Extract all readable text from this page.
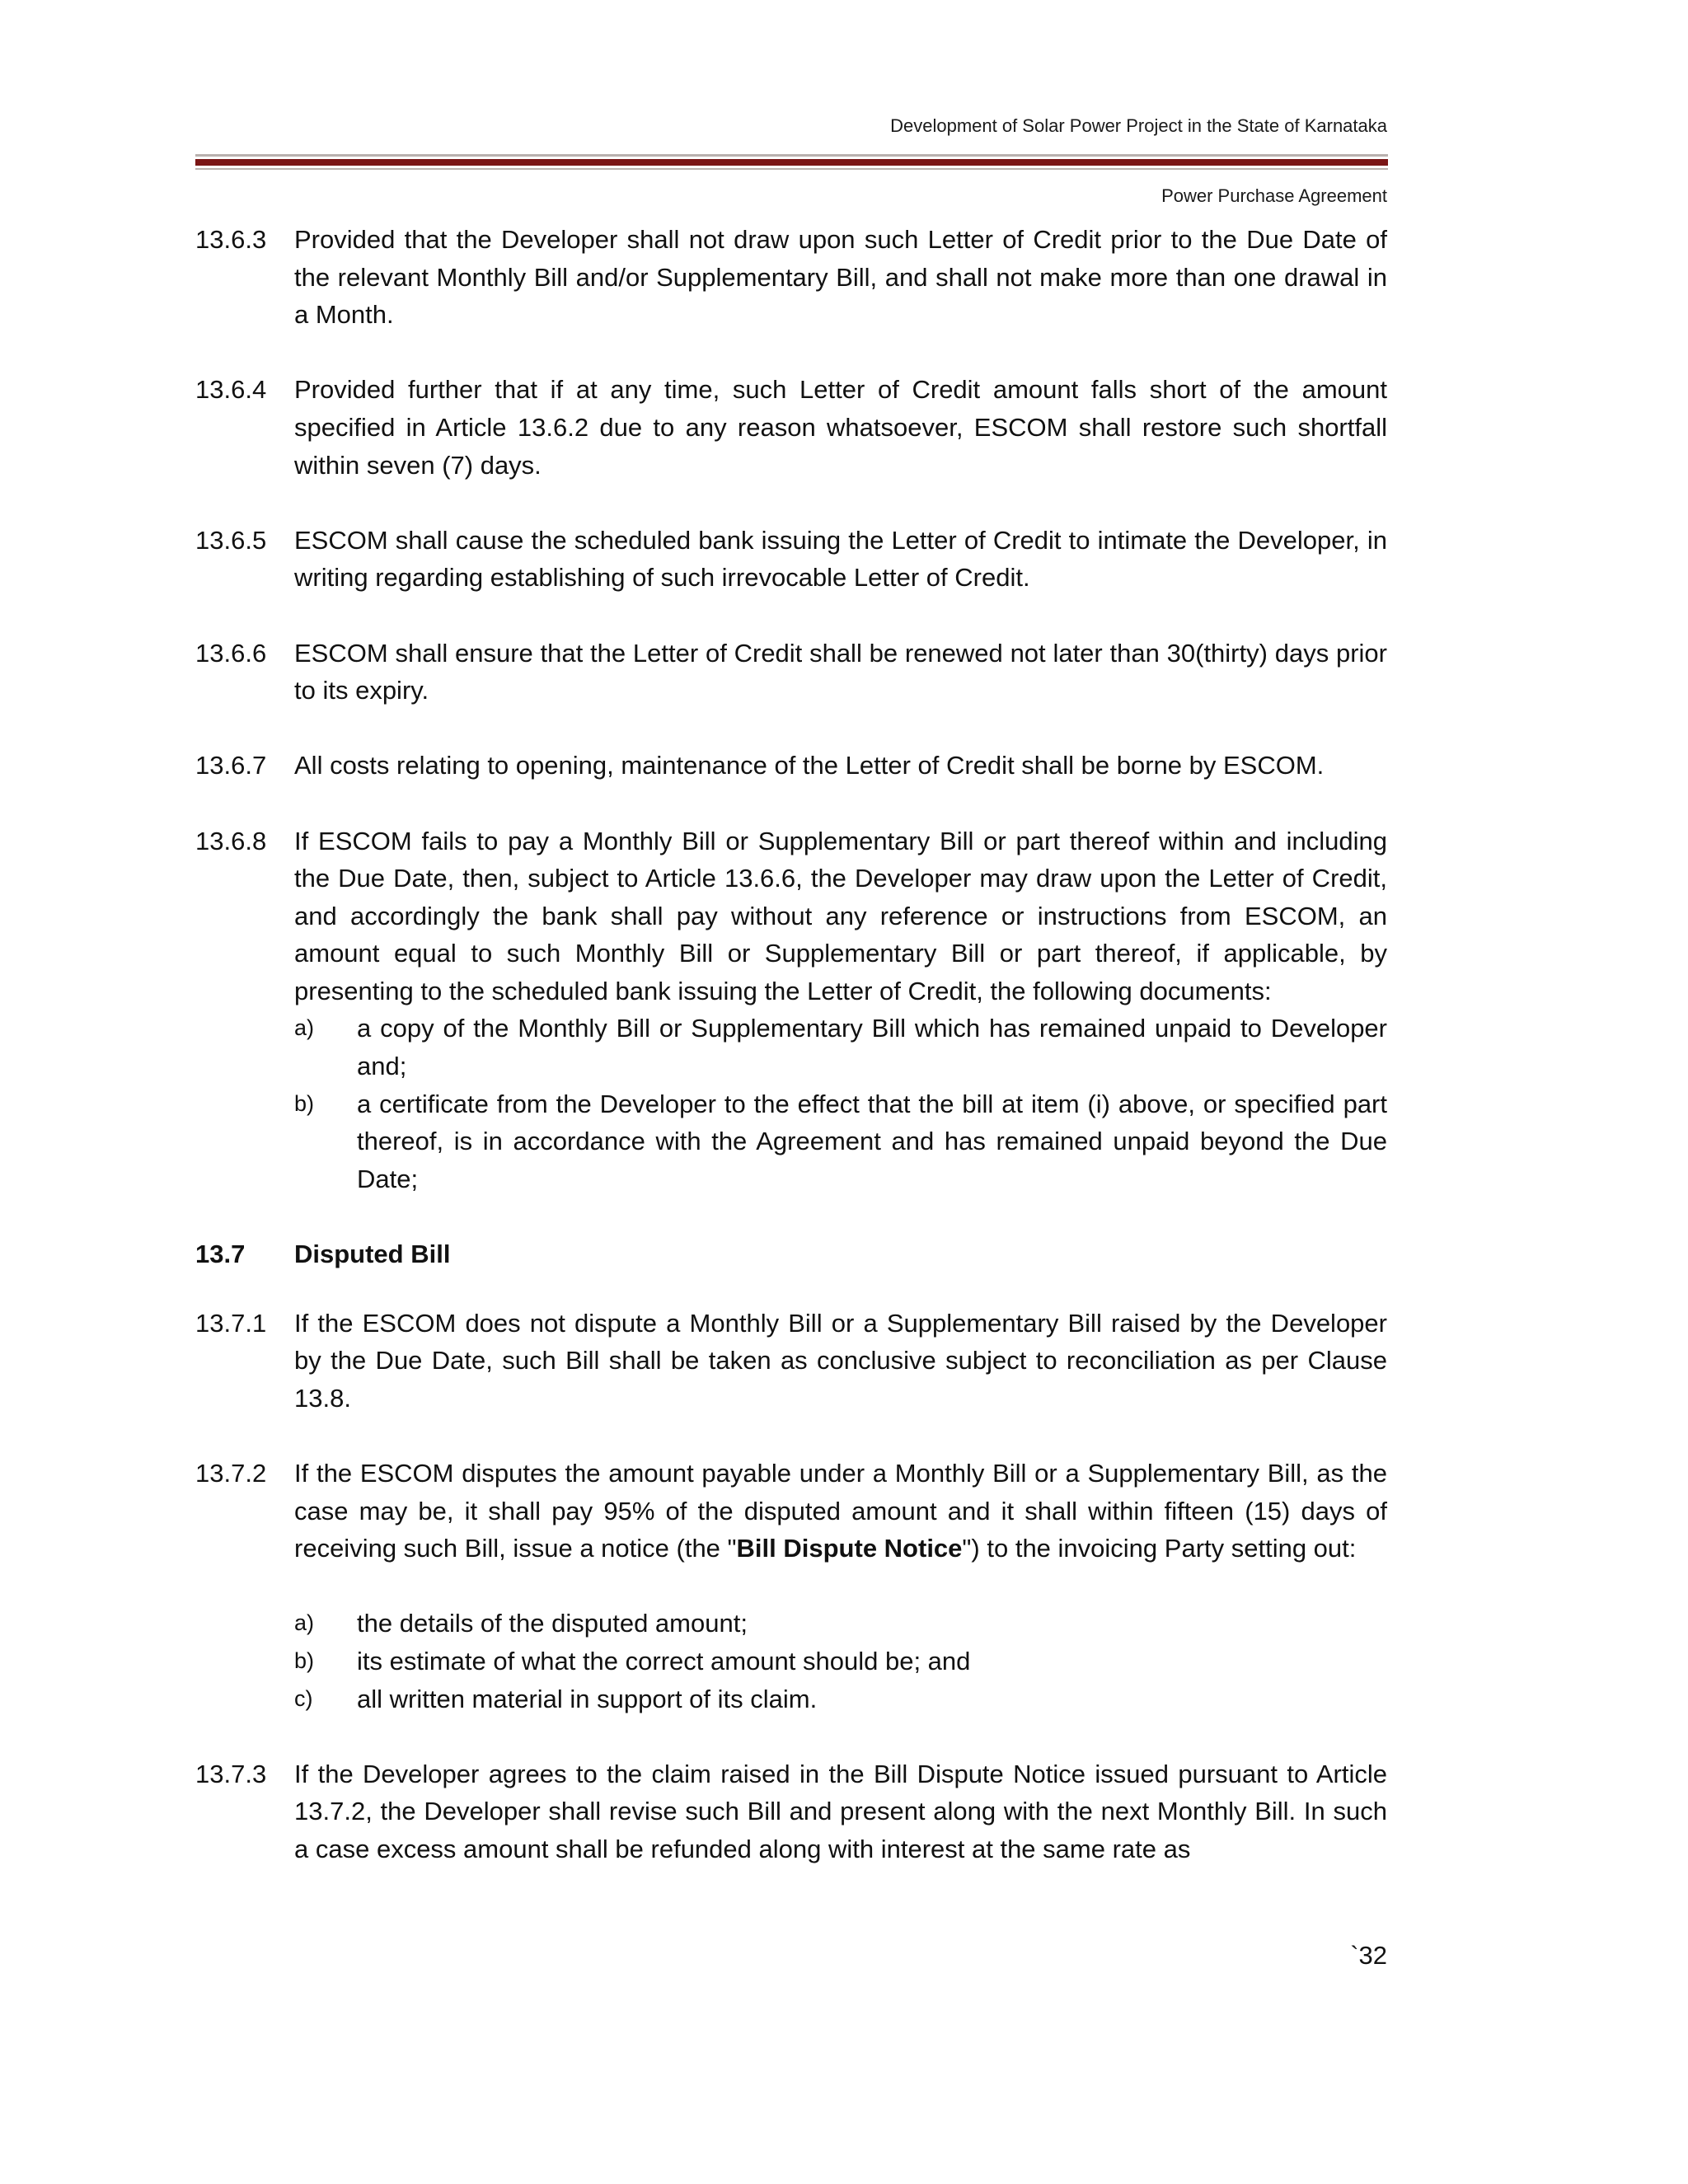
Development of Solar Power Project in the State of Karnataka
Power Purchase Agreement
13.6.3	Provided that the Developer shall not draw upon such Letter of Credit prior to the Due Date of the relevant Monthly Bill and/or Supplementary Bill, and shall not make more than one drawal in a Month.
13.6.4	Provided further that if at any time, such Letter of Credit amount falls short of the amount specified in Article 13.6.2 due to any reason whatsoever, ESCOM shall restore such shortfall within seven (7) days.
13.6.5	ESCOM shall cause the scheduled bank issuing the Letter of Credit to intimate the Developer, in writing regarding establishing of such irrevocable Letter of Credit.
13.6.6	ESCOM shall ensure that the Letter of Credit shall be renewed not later than 30(thirty) days prior to its expiry.
13.6.7	All costs relating to opening, maintenance of the Letter of Credit shall be borne by ESCOM.
13.6.8	If ESCOM fails to pay a Monthly Bill or Supplementary Bill or part thereof within and including the Due Date, then, subject to Article 13.6.6, the Developer may draw upon the Letter of Credit, and accordingly the bank shall pay without any reference or instructions from ESCOM, an amount equal to such Monthly Bill or Supplementary Bill or part thereof, if applicable, by presenting to the scheduled bank issuing the Letter of Credit, the following documents:
a)	a copy of the Monthly Bill or Supplementary Bill which has remained unpaid to Developer and;
b)	a certificate from the Developer to the effect that the bill at item (i) above, or specified part thereof, is in accordance with the Agreement and has remained unpaid beyond the Due Date;
13.7	Disputed Bill
13.7.1	If the ESCOM does not dispute a Monthly Bill or a Supplementary Bill raised by the Developer by the Due Date, such Bill shall be taken as conclusive subject to reconciliation as per Clause 13.8.
13.7.2	If the ESCOM disputes the amount payable under a Monthly Bill or a Supplementary Bill, as the case may be, it shall pay 95% of the disputed amount and it shall within fifteen (15) days of receiving such Bill, issue a notice (the "Bill Dispute Notice") to the invoicing Party setting out:
a)	the details of the disputed amount;
b)	its estimate of what the correct amount should be; and
c)	all written material in support of its claim.
13.7.3	If the Developer agrees to the claim raised in the Bill Dispute Notice issued pursuant to Article 13.7.2, the Developer shall revise such Bill and present along with the next Monthly Bill. In such a case excess amount shall be refunded along with interest at the same rate as
`32
